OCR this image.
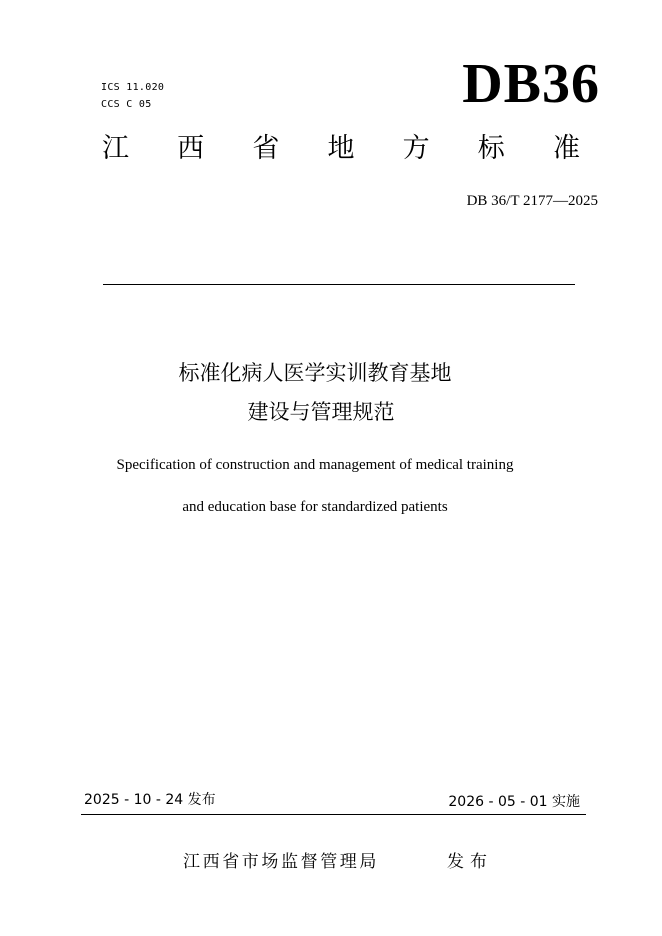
ICS 11.020
CCS C 05	DB36
江 西 省 地 方 标 准
DB 36/T 2177—2025
标准化病人医学实训教育基地
建设与管理规范
Specification of construction and management of medical training
and education base for standardized patients
2025 - 10 - 24 发布	2026 - 05 - 01 实施
江西省市场监督管理局	发布
